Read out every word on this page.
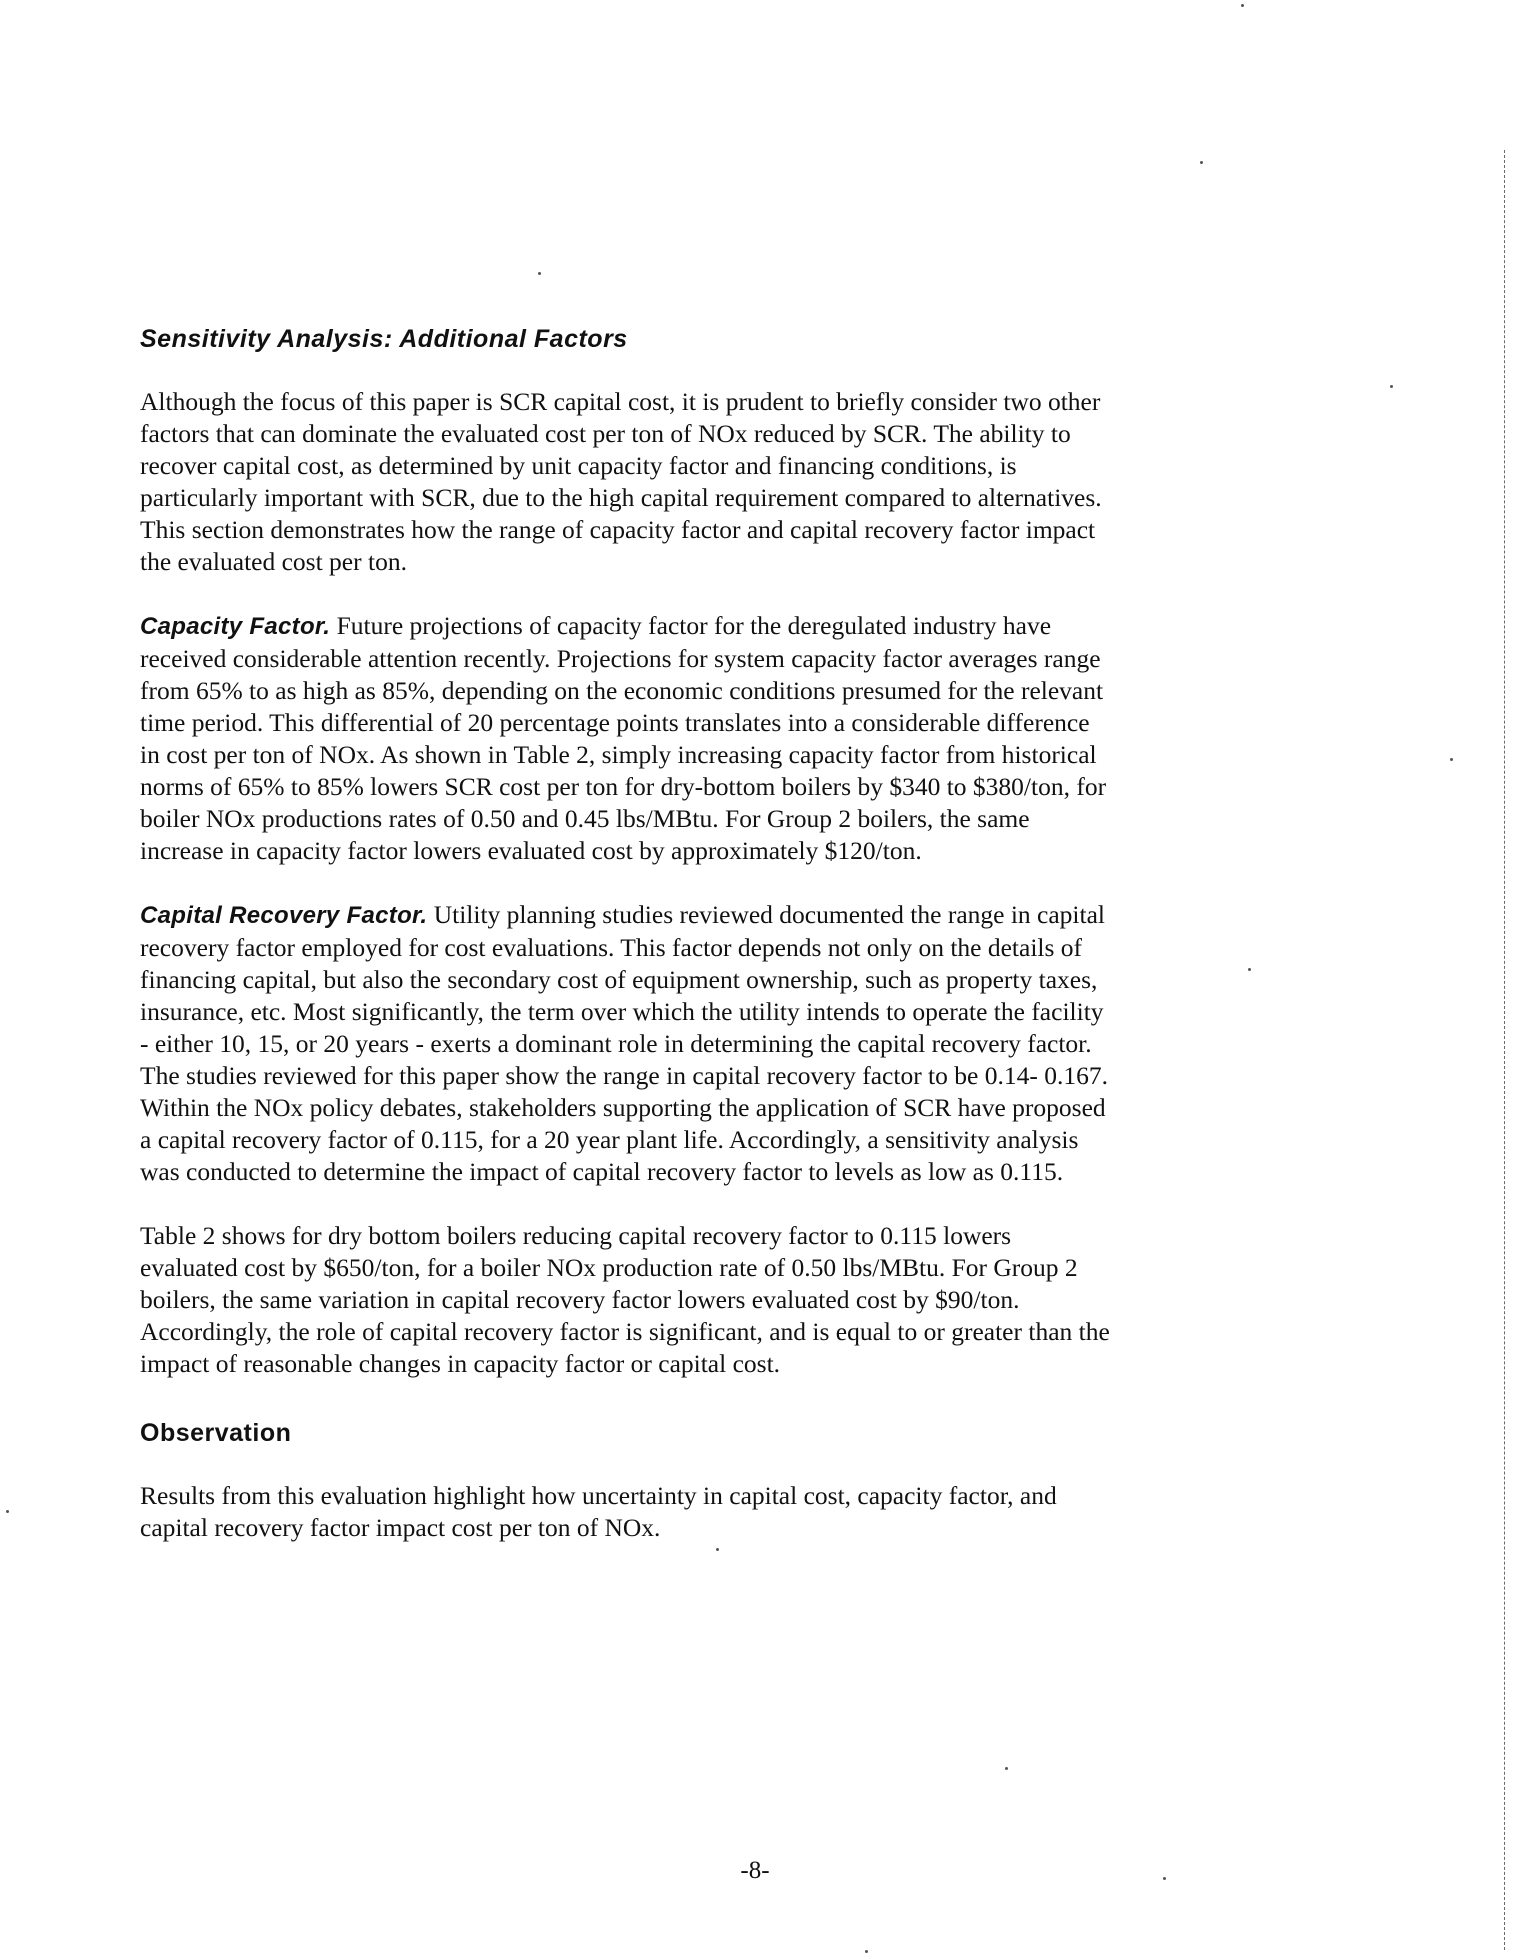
Sensitivity Analysis: Additional Factors

Although the focus of this paper is SCR capital cost, it is prudent to briefly consider two other factors that can dominate the evaluated cost per ton of NOx reduced by SCR. The ability to recover capital cost, as determined by unit capacity factor and financing conditions, is particularly important with SCR, due to the high capital requirement compared to alternatives. This section demonstrates how the range of capacity factor and capital recovery factor impact the evaluated cost per ton.

Capacity Factor. Future projections of capacity factor for the deregulated industry have received considerable attention recently. Projections for system capacity factor averages range from 65% to as high as 85%, depending on the economic conditions presumed for the relevant time period. This differential of 20 percentage points translates into a considerable difference in cost per ton of NOx. As shown in Table 2, simply increasing capacity factor from historical norms of 65% to 85% lowers SCR cost per ton for dry-bottom boilers by $340 to $380/ton, for boiler NOx productions rates of 0.50 and 0.45 lbs/MBtu. For Group 2 boilers, the same increase in capacity factor lowers evaluated cost by approximately $120/ton.

Capital Recovery Factor. Utility planning studies reviewed documented the range in capital recovery factor employed for cost evaluations. This factor depends not only on the details of financing capital, but also the secondary cost of equipment ownership, such as property taxes, insurance, etc. Most significantly, the term over which the utility intends to operate the facility - either 10, 15, or 20 years - exerts a dominant role in determining the capital recovery factor. The studies reviewed for this paper show the range in capital recovery factor to be 0.14- 0.167. Within the NOx policy debates, stakeholders supporting the application of SCR have proposed a capital recovery factor of 0.115, for a 20 year plant life. Accordingly, a sensitivity analysis was conducted to determine the impact of capital recovery factor to levels as low as 0.115.

Table 2 shows for dry bottom boilers reducing capital recovery factor to 0.115 lowers evaluated cost by $650/ton, for a boiler NOx production rate of 0.50 lbs/MBtu. For Group 2 boilers, the same variation in capital recovery factor lowers evaluated cost by $90/ton. Accordingly, the role of capital recovery factor is significant, and is equal to or greater than the impact of reasonable changes in capacity factor or capital cost.

Observation

Results from this evaluation highlight how uncertainty in capital cost, capacity factor, and capital recovery factor impact cost per ton of NOx.

-8-
